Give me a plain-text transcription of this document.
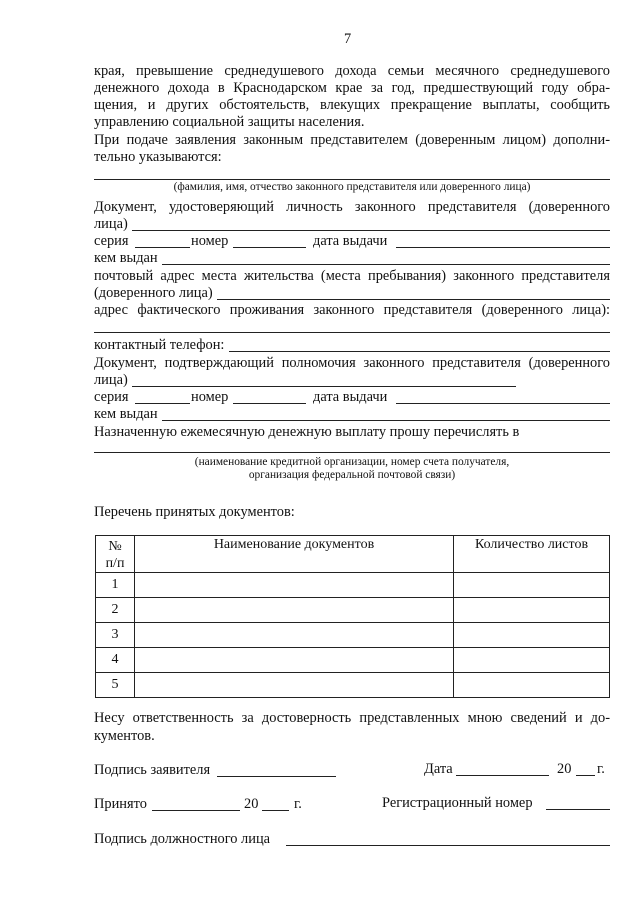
7
края, превышение среднедушевого дохода семьи месячного среднедушевого
денежного дохода в Краснодарском крае за год, предшествующий году обра-
щения, и других обстоятельств, влекущих прекращение выплаты, сообщить
управлению социальной защиты населения.
При подаче заявления законным представителем (доверенным лицом) дополни-
тельно указываются:
(фамилия, имя, отчество законного представителя или доверенного лица)
Документ, удостоверяющий личность законного представителя (доверенного
лица)
серия	номер	дата выдачи
кем выдан
почтовый адрес места жительства (места пребывания) законного представителя
(доверенного лица)
адрес фактического проживания законного представителя (доверенного лица):
контактный телефон:
Документ, подтверждающий полномочия законного представителя (доверенного
лица)
серия	номер	дата выдачи
кем выдан
Назначенную ежемесячную денежную выплату прошу перечислять в
(наименование кредитной организации, номер счета получателя,
организация федеральной почтовой связи)
Перечень принятых документов:
№
п/п	Наименование документов	Количество листов
1		
2		
3		
4		
5		
Несу ответственность за достоверность представленных мною сведений и до-
кументов.
Подпись заявителя	Дата	20 г.
Принято	20 г.	Регистрационный номер
Подпись должностного лица
